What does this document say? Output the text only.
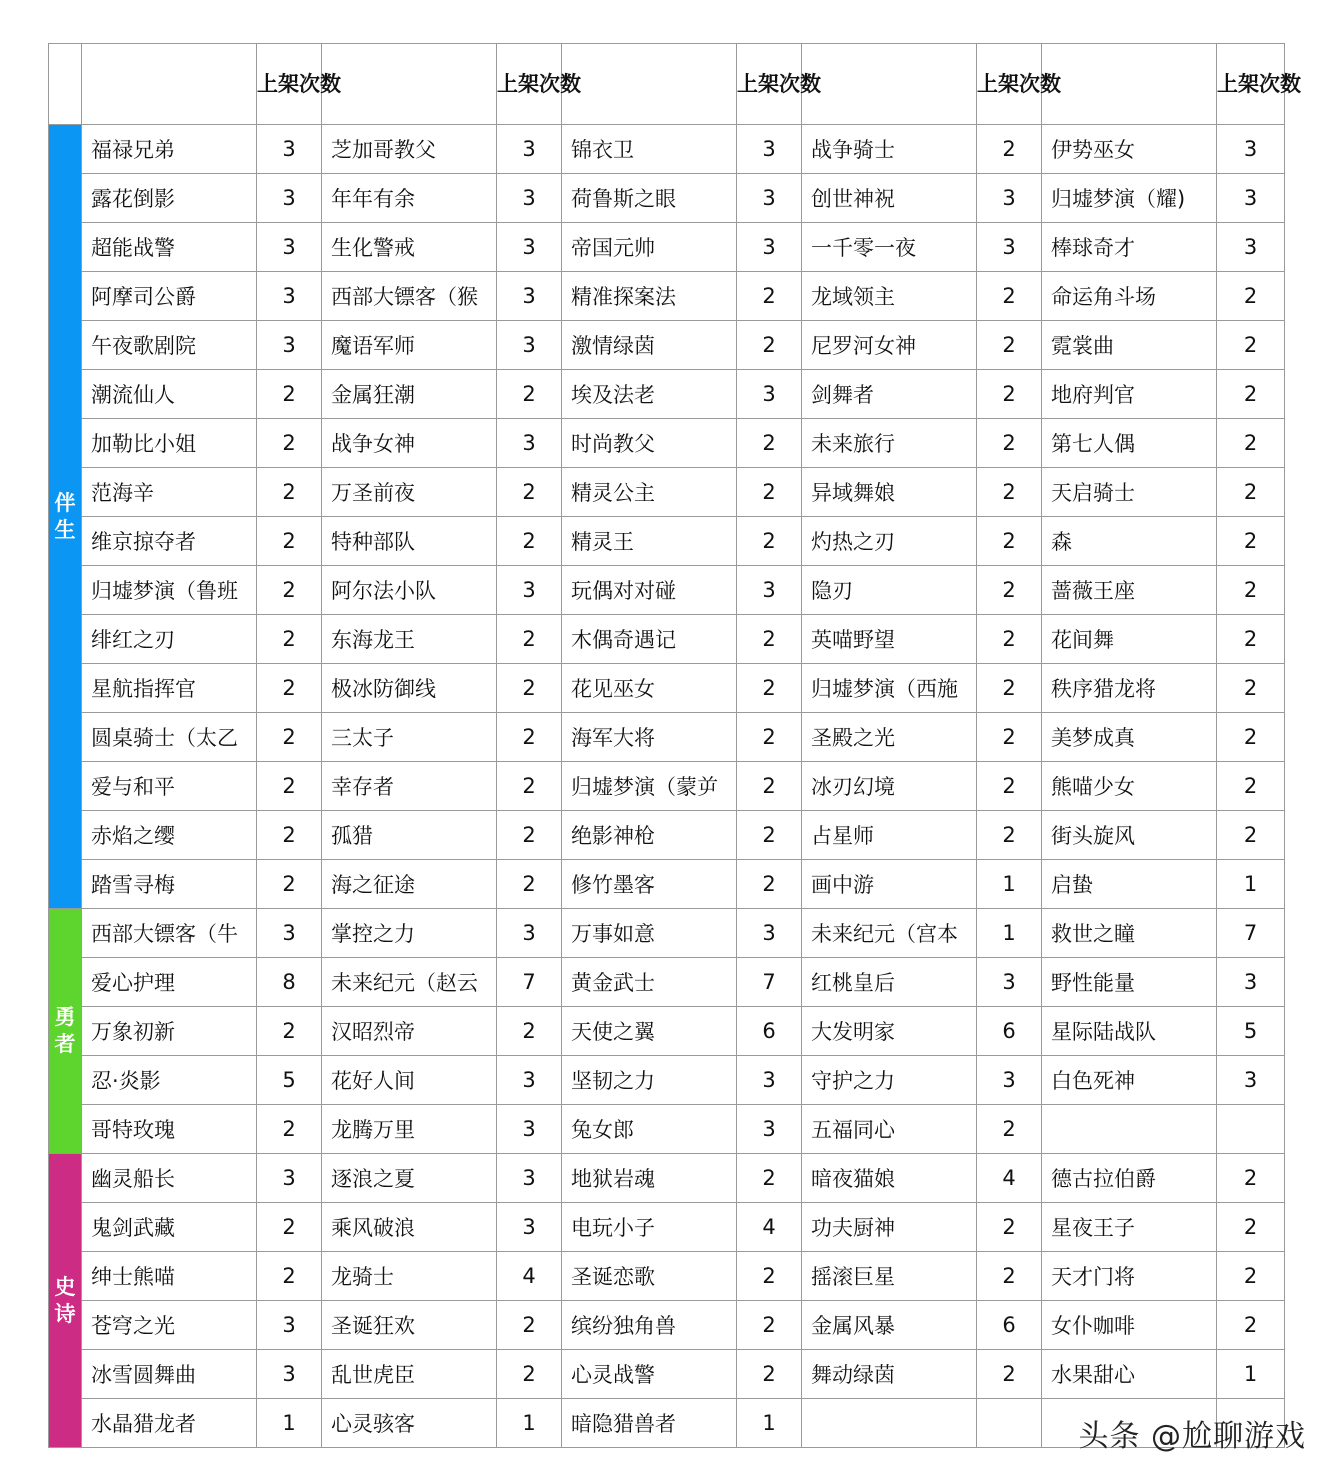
		上架次数		上架次数		上架次数		上架次数		上架次数
伴生	福禄兄弟	3	芝加哥教父	3	锦衣卫	3	战争骑士	2	伊势巫女	3
	露花倒影	3	年年有余	3	荷鲁斯之眼	3	创世神祝	3	归墟梦演（耀)	3
	超能战警	3	生化警戒	3	帝国元帅	3	一千零一夜	3	棒球奇才	3
	阿摩司公爵	3	西部大镖客（猴	3	精准探案法	2	龙域领主	2	命运角斗场	2
	午夜歌剧院	3	魔语军师	3	激情绿茵	2	尼罗河女神	2	霓裳曲	2
	潮流仙人	2	金属狂潮	2	埃及法老	3	剑舞者	2	地府判官	2
	加勒比小姐	2	战争女神	3	时尚教父	2	未来旅行	2	第七人偶	2
	范海辛	2	万圣前夜	2	精灵公主	2	异域舞娘	2	天启骑士	2
	维京掠夺者	2	特种部队	2	精灵王	2	灼热之刃	2	森	2
	归墟梦演（鲁班	2	阿尔法小队	3	玩偶对对碰	3	隐刃	2	蔷薇王座	2
	绯红之刃	2	东海龙王	2	木偶奇遇记	2	英喵野望	2	花间舞	2
	星航指挥官	2	极冰防御线	2	花见巫女	2	归墟梦演（西施	2	秩序猎龙将	2
	圆桌骑士（太乙	2	三太子	2	海军大将	2	圣殿之光	2	美梦成真	2
	爱与和平	2	幸存者	2	归墟梦演（蒙屰	2	冰刃幻境	2	熊喵少女	2
	赤焰之缨	2	孤猎	2	绝影神枪	2	占星师	2	街头旋风	2
	踏雪寻梅	2	海之征途	2	修竹墨客	2	画中游	1	启蛰	1
勇者	西部大镖客（牛	3	掌控之力	3	万事如意	3	未来纪元（宫本	1	救世之瞳	7
	爱心护理	8	未来纪元（赵云	7	黄金武士	7	红桃皇后	3	野性能量	3
	万象初新	2	汉昭烈帝	2	天使之翼	6	大发明家	6	星际陆战队	5
	忍·炎影	5	花好人间	3	坚韧之力	3	守护之力	3	白色死神	3
	哥特玫瑰	2	龙腾万里	3	兔女郎	3	五福同心	2		
史诗	幽灵船长	3	逐浪之夏	3	地狱岩魂	2	暗夜猫娘	4	德古拉伯爵	2
	鬼剑武藏	2	乘风破浪	3	电玩小子	4	功夫厨神	2	星夜王子	2
	绅士熊喵	2	龙骑士	4	圣诞恋歌	2	摇滚巨星	2	天才门将	2
	苍穹之光	3	圣诞狂欢	2	缤纷独角兽	2	金属风暴	6	女仆咖啡	2
	冰雪圆舞曲	3	乱世虎臣	2	心灵战警	2	舞动绿茵	2	水果甜心	1
	水晶猎龙者	1	心灵骇客	1	暗隐猎兽者	1					头条 @尬聊游戏
